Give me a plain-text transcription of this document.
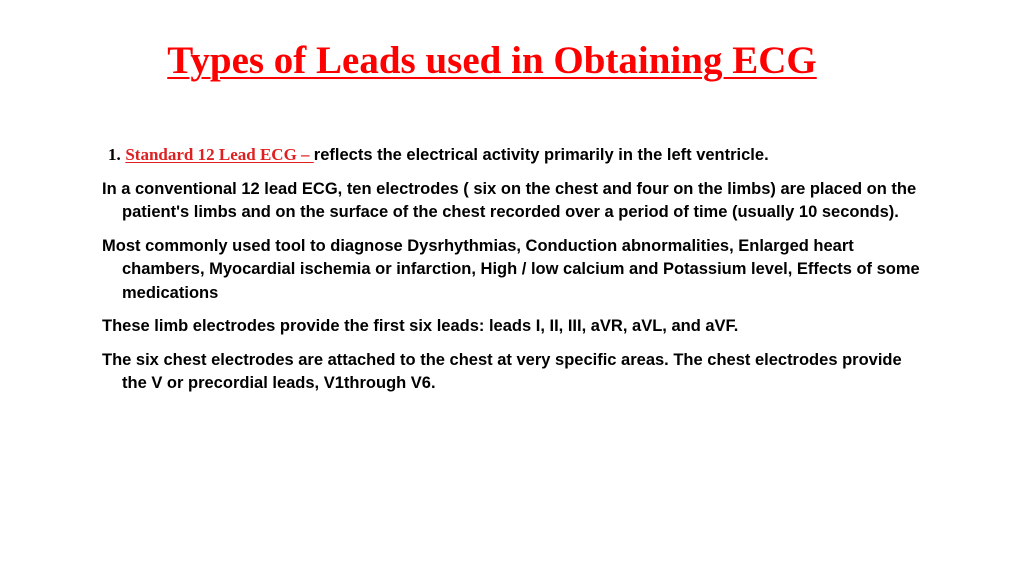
Types of Leads used in Obtaining ECG

1. Standard 12 Lead ECG – reflects the electrical activity primarily in the left ventricle.

In a conventional 12 lead ECG, ten electrodes ( six on the chest and four on the limbs) are placed on the patient's limbs and on the surface of the chest recorded over a period of time (usually 10 seconds).

Most commonly used tool to diagnose Dysrhythmias, Conduction abnormalities, Enlarged heart chambers, Myocardial ischemia or infarction, High / low calcium and Potassium level, Effects of some medications

These limb electrodes provide the first six leads: leads I, II, III, aVR, aVL, and aVF.

The six chest electrodes are attached to the chest at very specific areas. The chest electrodes provide the V or precordial leads, V1through V6.
